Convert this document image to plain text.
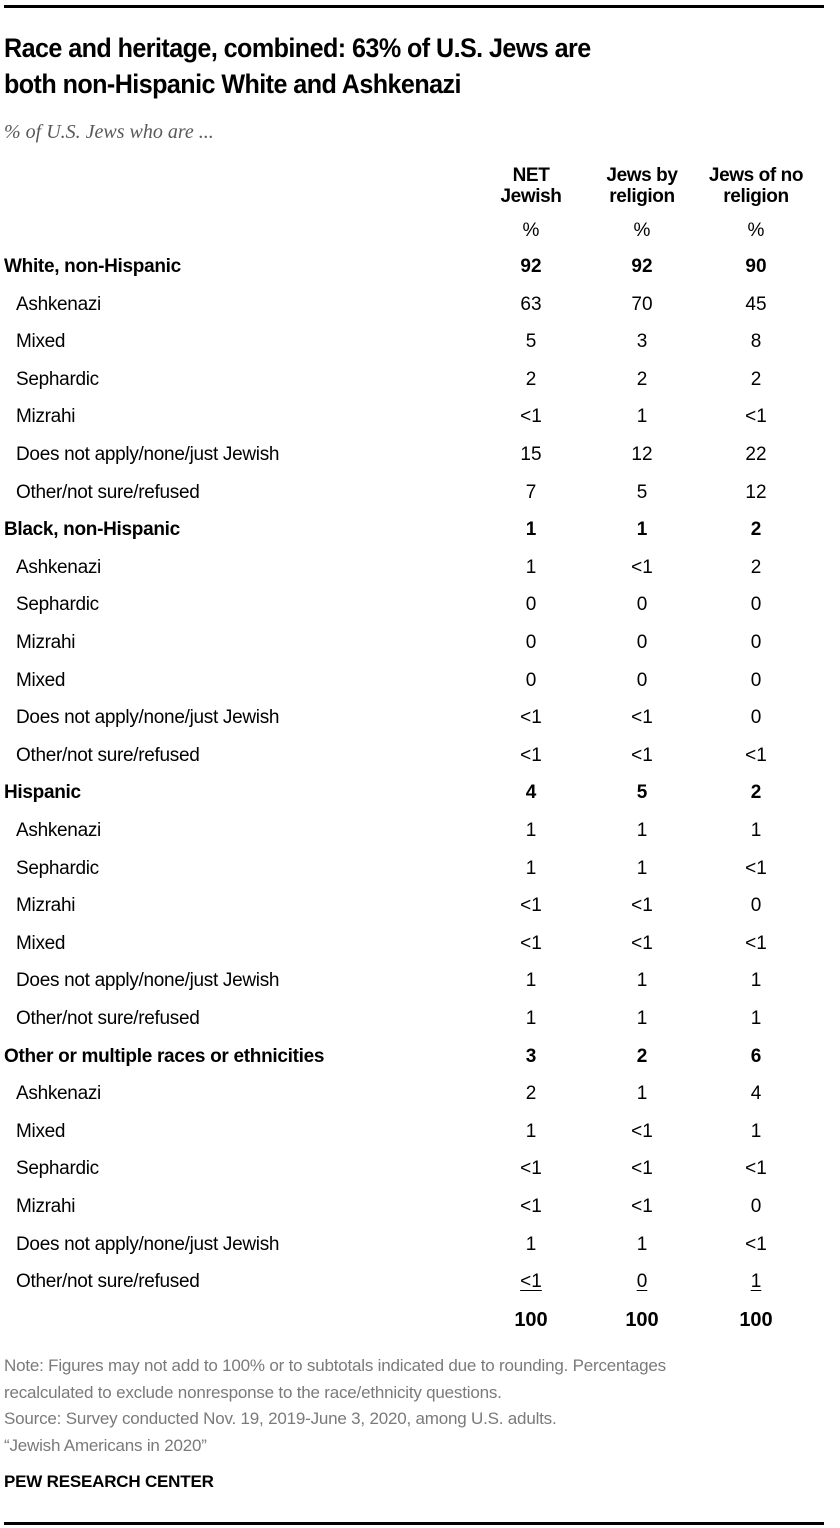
Race and heritage, combined: 63% of U.S. Jews are
both non-Hispanic White and Ashkenazi
% of U.S. Jews who are ...
NET
Jewish
Jews by
religion
Jews of no
religion
%	%	%
White, non-Hispanic	92	92	90
Ashkenazi	63	70	45
Mixed	5	3	8
Sephardic	2	2	2
Mizrahi	<1	1	<1
Does not apply/none/just Jewish	15	12	22
Other/not sure/refused	7	5	12
Black, non-Hispanic	1	1	2
Ashkenazi	1	<1	2
Sephardic	0	0	0
Mizrahi	0	0	0
Mixed	0	0	0
Does not apply/none/just Jewish	<1	<1	0
Other/not sure/refused	<1	<1	<1
Hispanic	4	5	2
Ashkenazi	1	1	1
Sephardic	1	1	<1
Mizrahi	<1	<1	0
Mixed	<1	<1	<1
Does not apply/none/just Jewish	1	1	1
Other/not sure/refused	1	1	1
Other or multiple races or ethnicities	3	2	6
Ashkenazi	2	1	4
Mixed	1	<1	1
Sephardic	<1	<1	<1
Mizrahi	<1	<1	0
Does not apply/none/just Jewish	1	1	<1
Other/not sure/refused	<1	0	1
100	100	100
Note: Figures may not add to 100% or to subtotals indicated due to rounding. Percentages
recalculated to exclude nonresponse to the race/ethnicity questions.
Source: Survey conducted Nov. 19, 2019-June 3, 2020, among U.S. adults.
“Jewish Americans in 2020”
PEW RESEARCH CENTER
